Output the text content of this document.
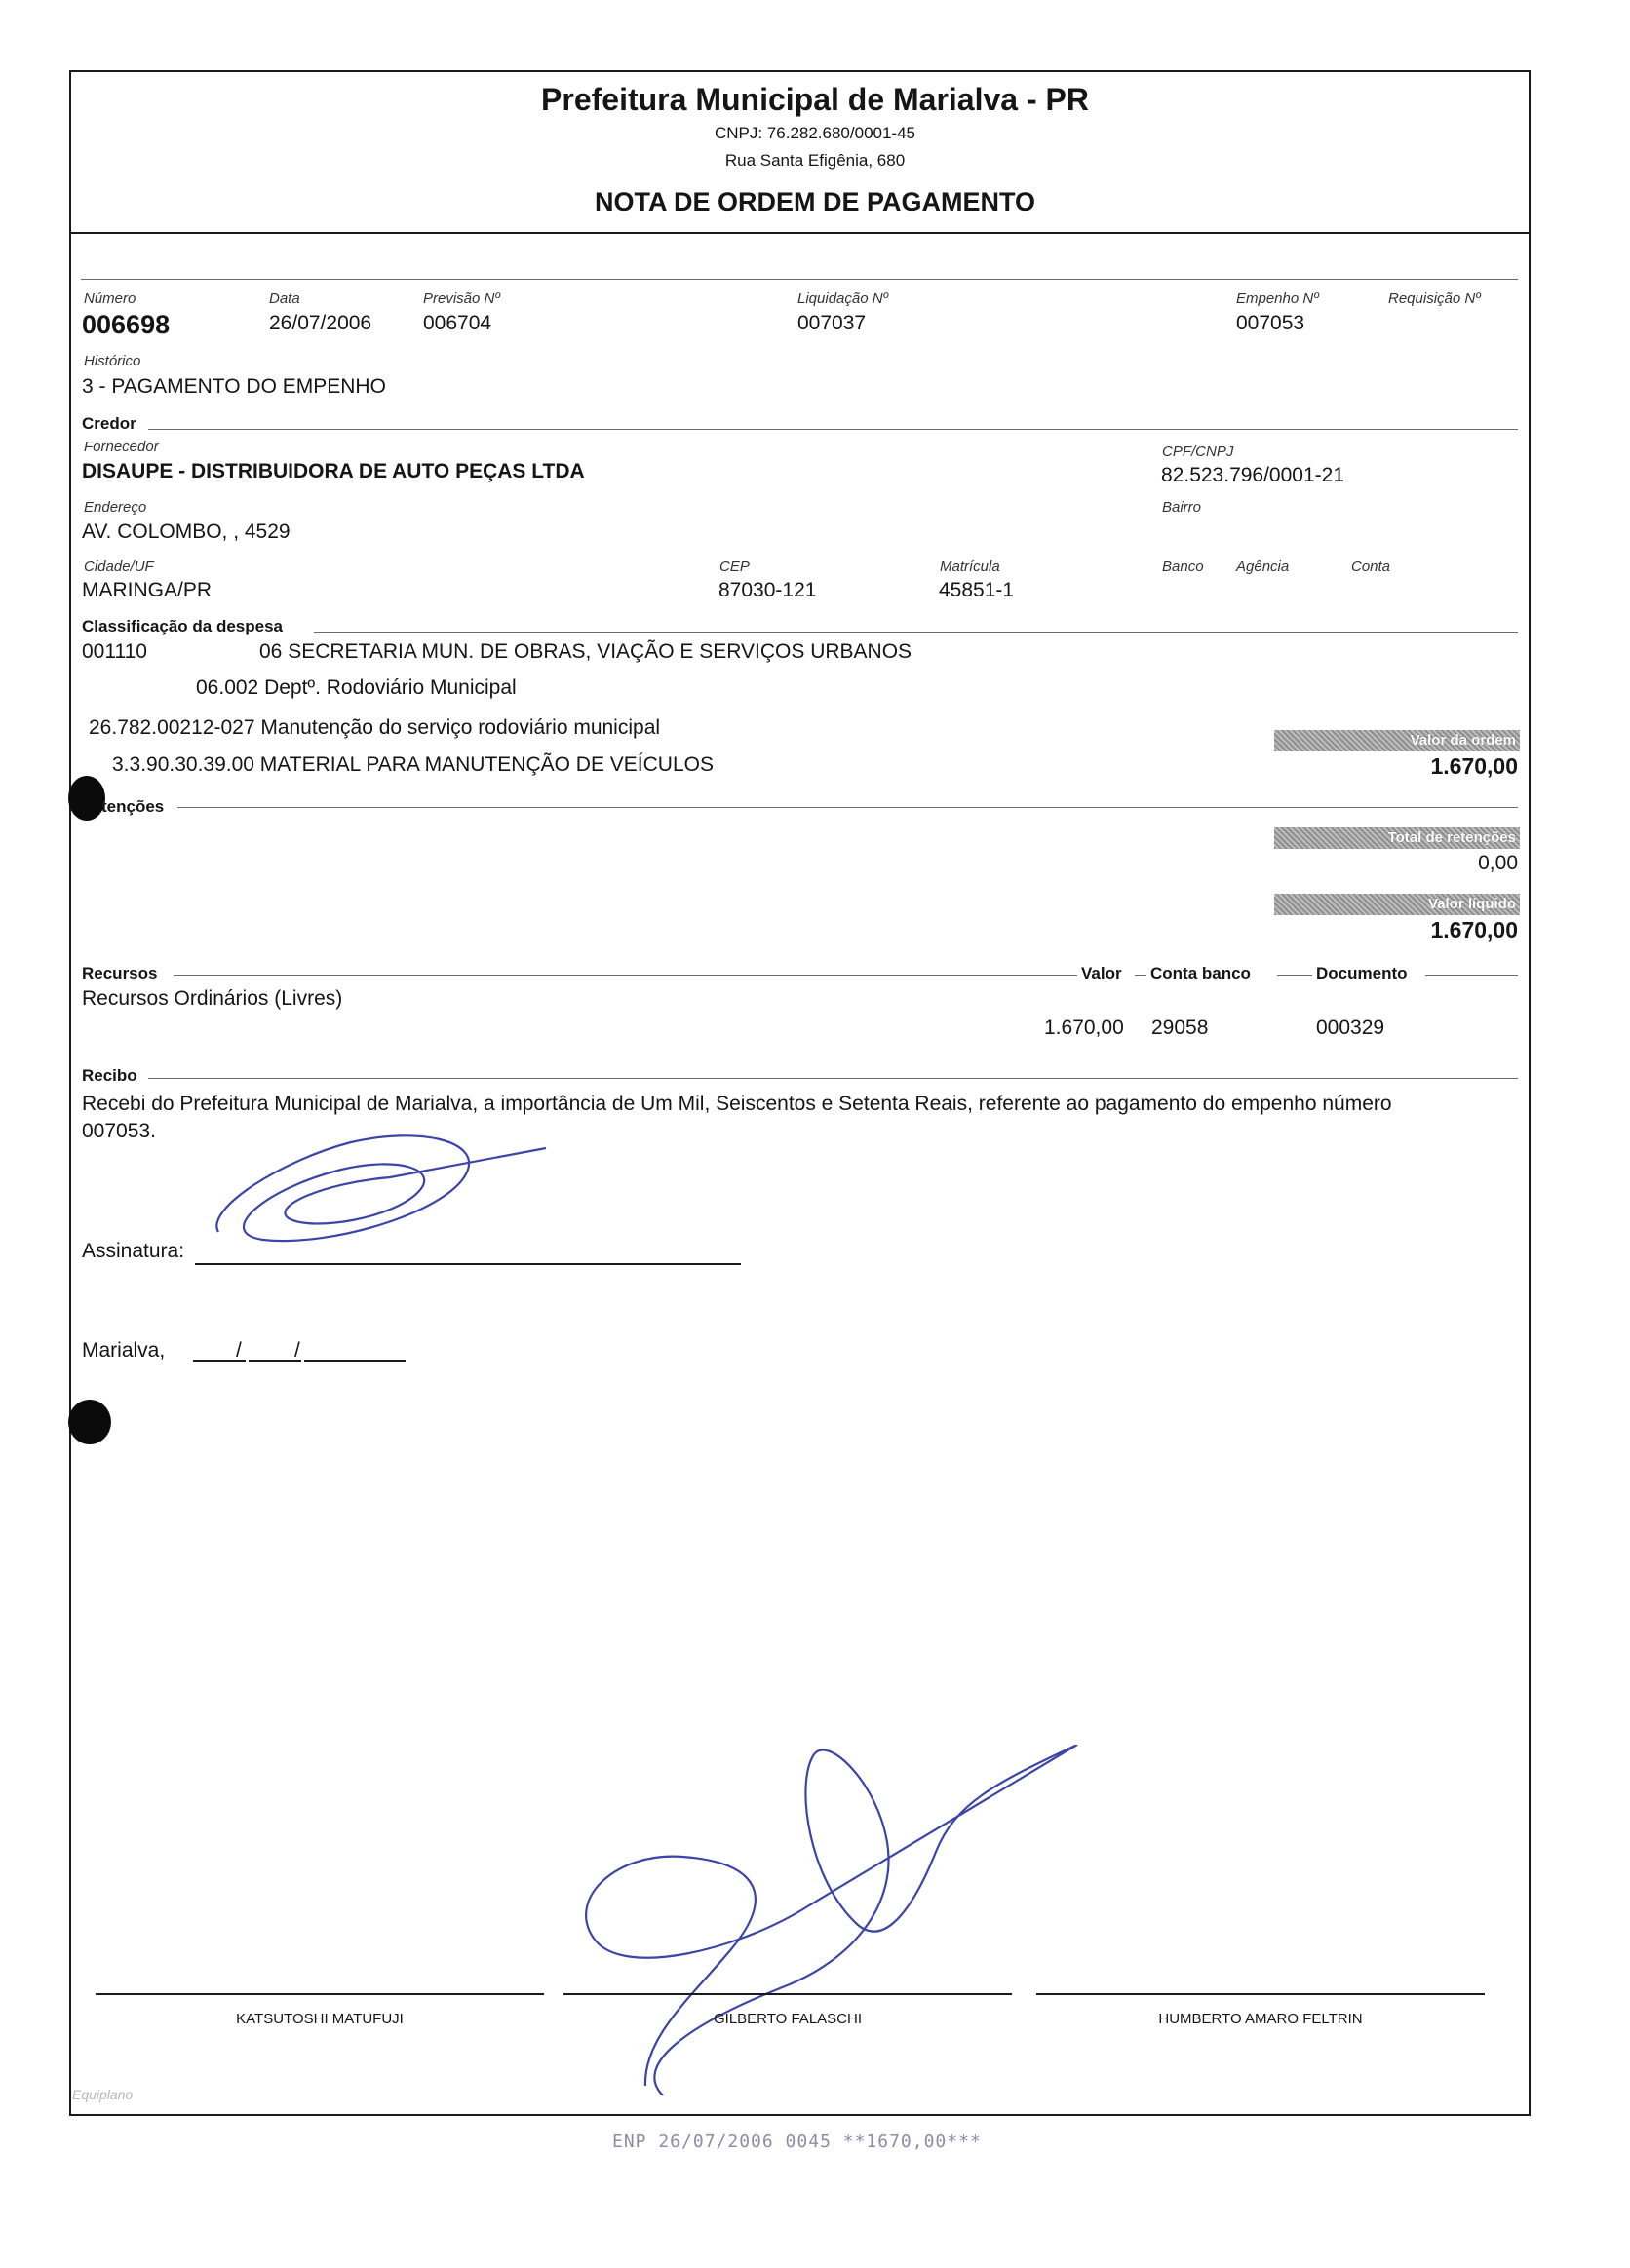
Prefeitura Municipal de Marialva - PR
CNPJ: 76.282.680/0001-45
Rua Santa Efigênia, 680
NOTA DE ORDEM DE PAGAMENTO
Número
006698
Data
26/07/2006
Previsão Nº
006704
Liquidação Nº
007037
Empenho Nº
007053
Requisição Nº
Histórico
3 - PAGAMENTO DO EMPENHO
Credor
Fornecedor
DISAUPE - DISTRIBUIDORA DE AUTO PEÇAS LTDA
CPF/CNPJ
82.523.796/0001-21
Endereço
AV. COLOMBO, , 4529
Bairro
Cidade/UF
MARINGA/PR
CEP
87030-121
Matrícula
45851-1
Banco Agência	Conta
Classificação da despesa
001110	06 SECRETARIA MUN. DE OBRAS, VIAÇÃO E SERVIÇOS URBANOS
06.002 Deptº. Rodoviário Municipal
26.782.00212-027 Manutenção do serviço rodoviário municipal
3.3.90.30.39.00 MATERIAL PARA MANUTENÇÃO DE VEÍCULOS
Valor da ordem
1.670,00
tenções
Total de retenções
0,00
Valor líquido
1.670,00
Recursos	Valor Conta banco	Documento
Recursos Ordinários (Livres)
1.670,00 29058	000329
Recibo
Recebi do Prefeitura Municipal de Marialva, a importância de Um Mil, Seiscentos e Setenta Reais, referente ao pagamento do empenho número
007053.
Assinatura:
Marialva,	/	/
KATSUTOSHI MATUFUJI	GILBERTO FALASCHI	HUMBERTO AMARO FELTRIN
Equiplano
ENP 26/07/2006 0045 **1670,00***
